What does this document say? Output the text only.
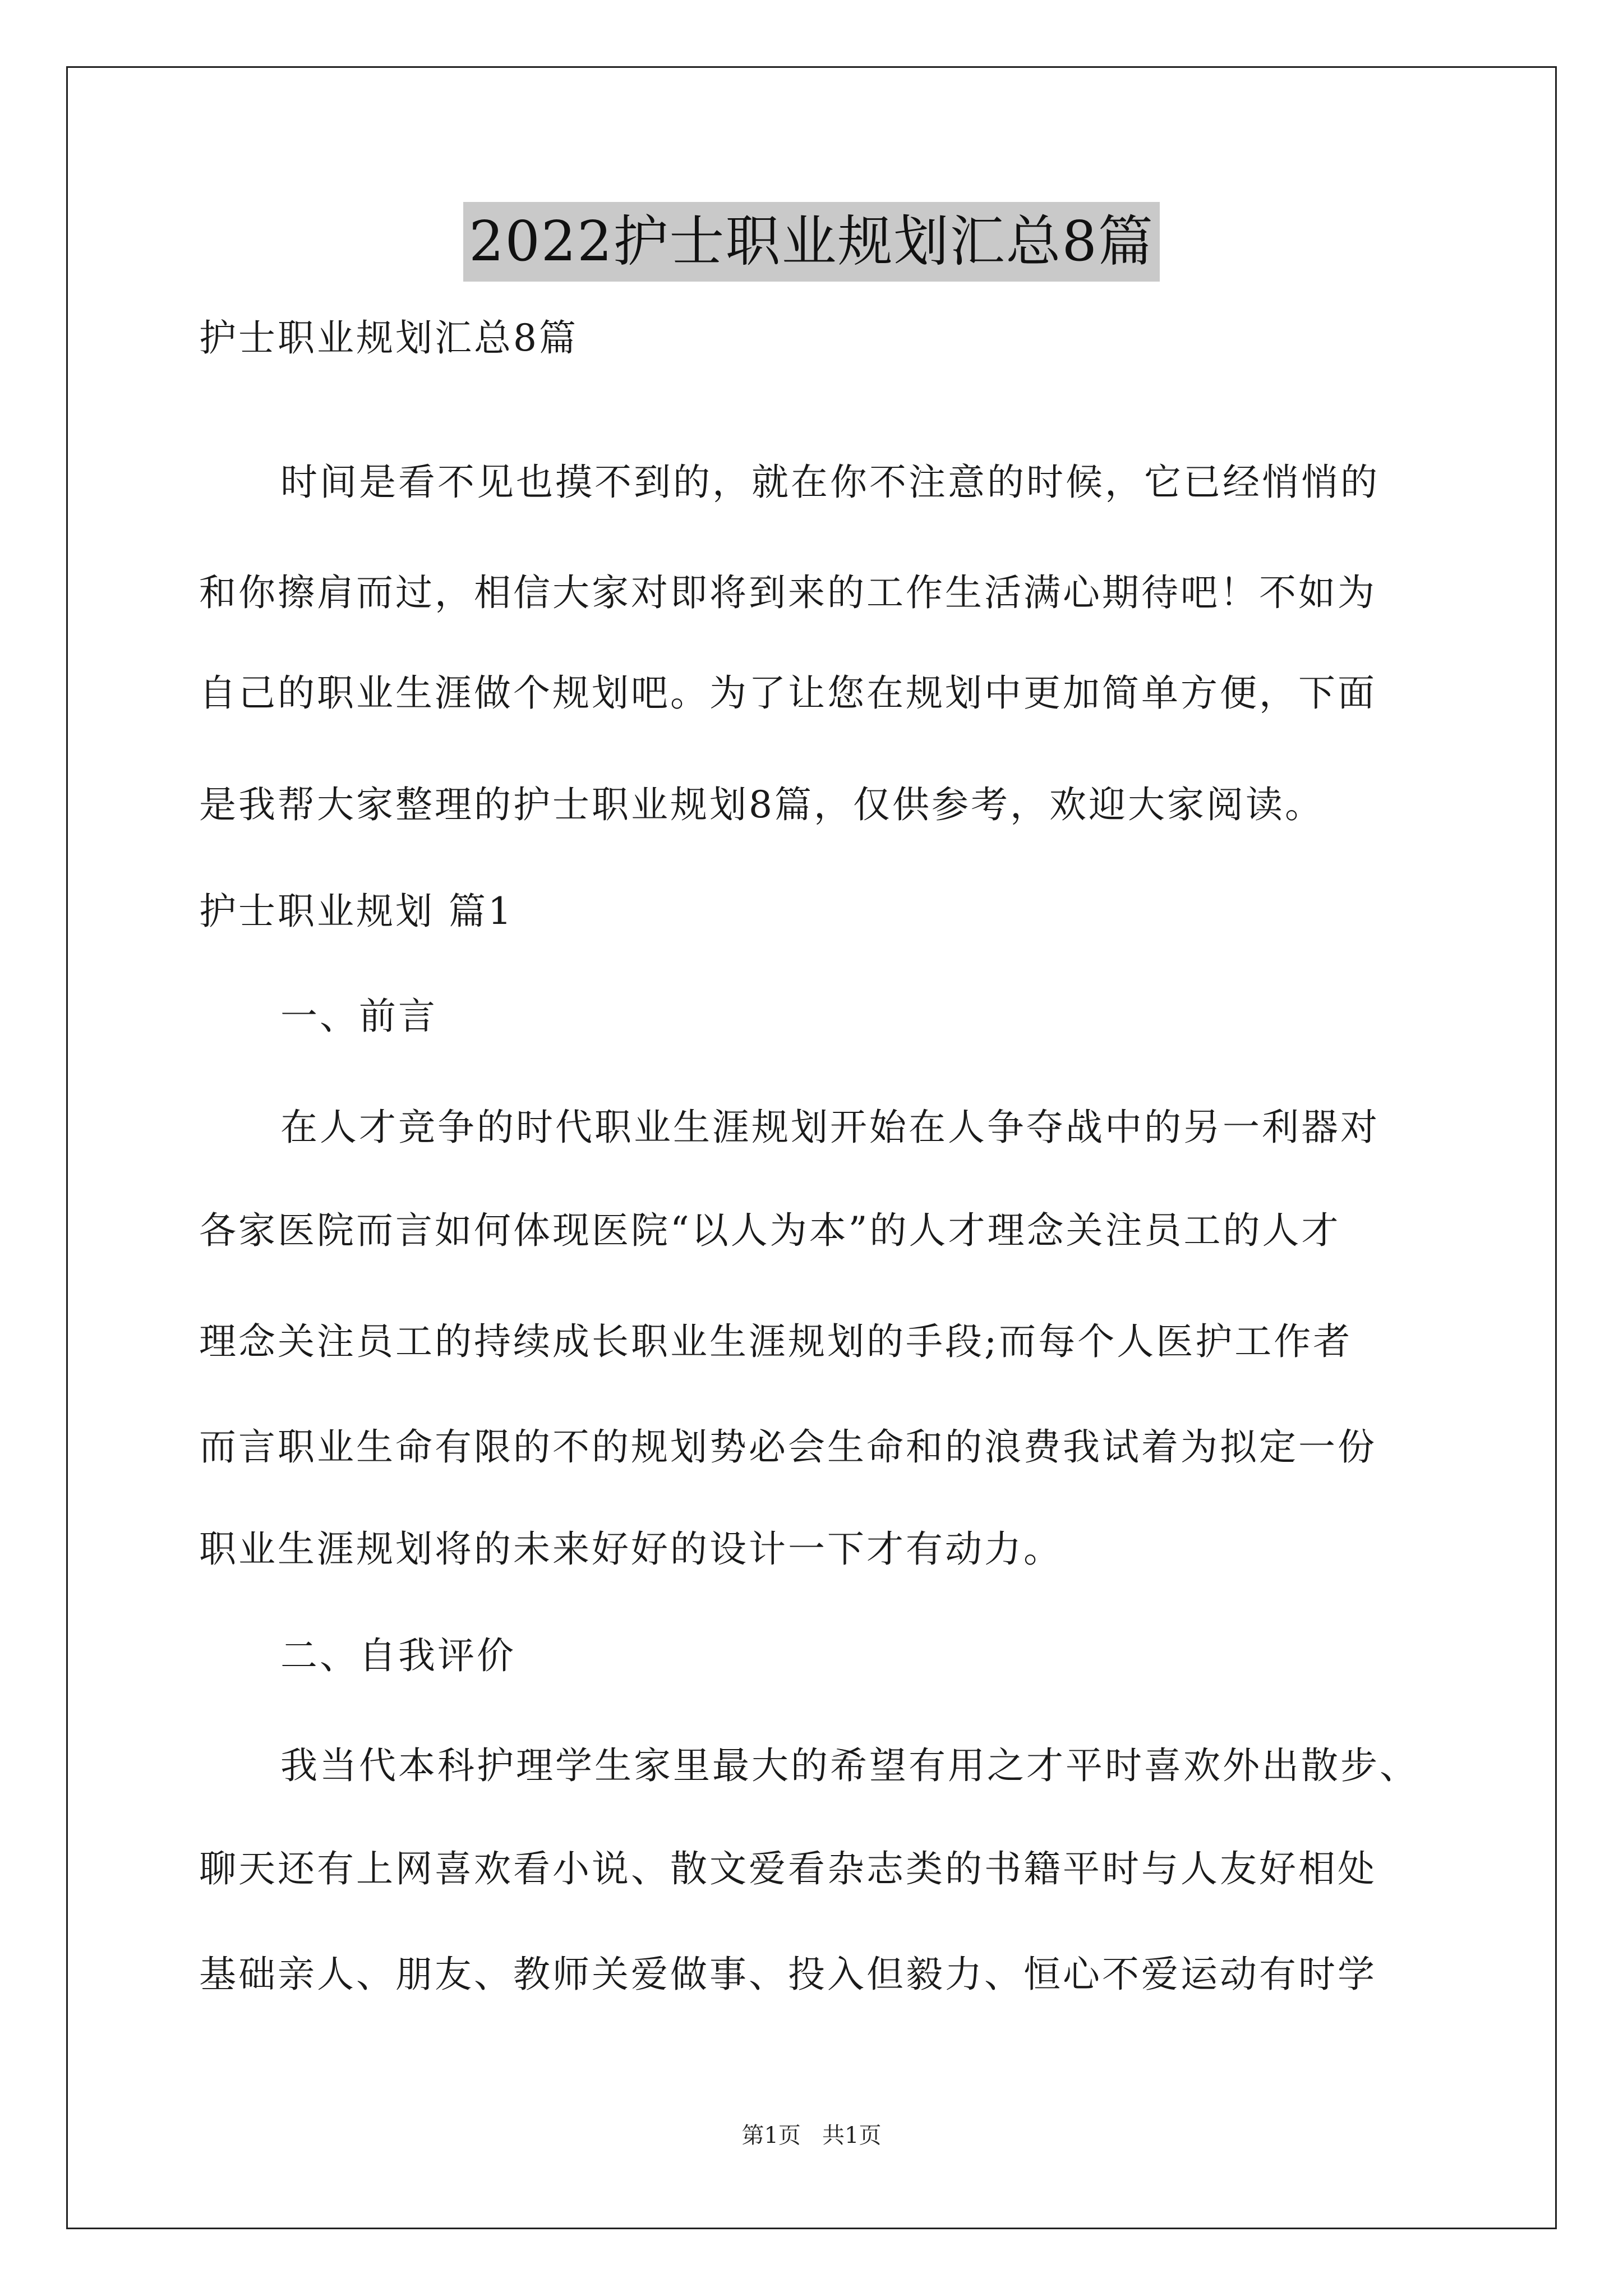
2022护士职业规划汇总8篇
护士职业规划汇总8篇
时间是看不见也摸不到的，就在你不注意的时候，它已经悄悄的
和你擦肩而过，相信大家对即将到来的工作生活满心期待吧！不如为
自己的职业生涯做个规划吧。为了让您在规划中更加简单方便，下面
是我帮大家整理的护士职业规划8篇，仅供参考，欢迎大家阅读。
护士职业规划 篇1
一、前言
在人才竞争的时代职业生涯规划开始在人争夺战中的另一利器对
各家医院而言如何体现医院“以人为本”的人才理念关注员工的人才
理念关注员工的持续成长职业生涯规划的手段;而每个人医护工作者
而言职业生命有限的不的规划势必会生命和的浪费我试着为拟定一份
职业生涯规划将的未来好好的设计一下才有动力。
二、自我评价
我当代本科护理学生家里最大的希望有用之才平时喜欢外出散步、
聊天还有上网喜欢看小说、散文爱看杂志类的书籍平时与人友好相处
基础亲人、朋友、教师关爱做事、投入但毅力、恒心不爱运动有时学
第1页   共1页
